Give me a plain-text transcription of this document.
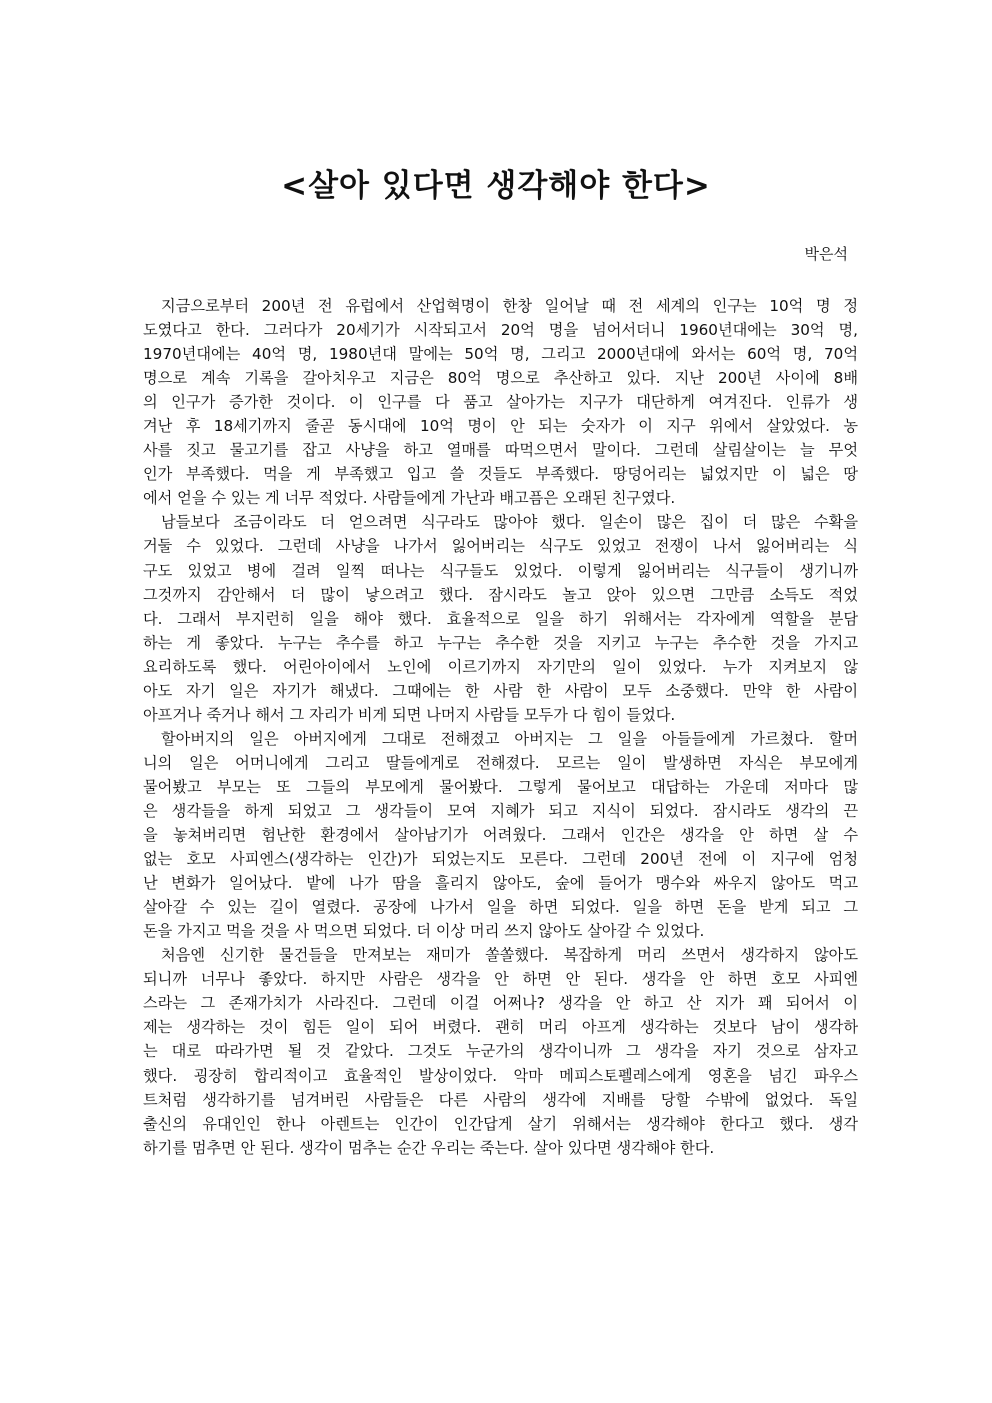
<살아 있다면 생각해야 한다>
박은석
지금으로부터 200년 전 유럽에서 산업혁명이 한창 일어날 때 전 세계의 인구는 10억 명 정
도였다고 한다. 그러다가 20세기가 시작되고서 20억 명을 넘어서더니 1960년대에는 30억 명,
1970년대에는 40억 명, 1980년대 말에는 50억 명, 그리고 2000년대에 와서는 60억 명, 70억
명으로 계속 기록을 갈아치우고 지금은 80억 명으로 추산하고 있다. 지난 200년 사이에 8배
의 인구가 증가한 것이다. 이 인구를 다 품고 살아가는 지구가 대단하게 여겨진다. 인류가 생
겨난 후 18세기까지 줄곧 동시대에 10억 명이 안 되는 숫자가 이 지구 위에서 살았었다. 농
사를 짓고 물고기를 잡고 사냥을 하고 열매를 따먹으면서 말이다. 그런데 살림살이는 늘 무엇
인가 부족했다. 먹을 게 부족했고 입고 쓸 것들도 부족했다. 땅덩어리는 넓었지만 이 넓은 땅
에서 얻을 수 있는 게 너무 적었다. 사람들에게 가난과 배고픔은 오래된 친구였다.
남들보다 조금이라도 더 얻으려면 식구라도 많아야 했다. 일손이 많은 집이 더 많은 수확을
거둘 수 있었다. 그런데 사냥을 나가서 잃어버리는 식구도 있었고 전쟁이 나서 잃어버리는 식
구도 있었고 병에 걸려 일찍 떠나는 식구들도 있었다. 이렇게 잃어버리는 식구들이 생기니까
그것까지 감안해서 더 많이 낳으려고 했다. 잠시라도 놀고 앉아 있으면 그만큼 소득도 적었
다. 그래서 부지런히 일을 해야 했다. 효율적으로 일을 하기 위해서는 각자에게 역할을 분담
하는 게 좋았다. 누구는 추수를 하고 누구는 추수한 것을 지키고 누구는 추수한 것을 가지고
요리하도록 했다. 어린아이에서 노인에 이르기까지 자기만의 일이 있었다. 누가 지켜보지 않
아도 자기 일은 자기가 해냈다. 그때에는 한 사람 한 사람이 모두 소중했다. 만약 한 사람이
아프거나 죽거나 해서 그 자리가 비게 되면 나머지 사람들 모두가 다 힘이 들었다.
할아버지의 일은 아버지에게 그대로 전해졌고 아버지는 그 일을 아들들에게 가르쳤다. 할머
니의 일은 어머니에게 그리고 딸들에게로 전해졌다. 모르는 일이 발생하면 자식은 부모에게
물어봤고 부모는 또 그들의 부모에게 물어봤다. 그렇게 물어보고 대답하는 가운데 저마다 많
은 생각들을 하게 되었고 그 생각들이 모여 지혜가 되고 지식이 되었다. 잠시라도 생각의 끈
을 놓쳐버리면 험난한 환경에서 살아남기가 어려웠다. 그래서 인간은 생각을 안 하면 살 수
없는 호모 사피엔스(생각하는 인간)가 되었는지도 모른다. 그런데 200년 전에 이 지구에 엄청
난 변화가 일어났다. 밭에 나가 땀을 흘리지 않아도, 숲에 들어가 맹수와 싸우지 않아도 먹고
살아갈 수 있는 길이 열렸다. 공장에 나가서 일을 하면 되었다. 일을 하면 돈을 받게 되고 그
돈을 가지고 먹을 것을 사 먹으면 되었다. 더 이상 머리 쓰지 않아도 살아갈 수 있었다.
처음엔 신기한 물건들을 만져보는 재미가 쏠쏠했다. 복잡하게 머리 쓰면서 생각하지 않아도
되니까 너무나 좋았다. 하지만 사람은 생각을 안 하면 안 된다. 생각을 안 하면 호모 사피엔
스라는 그 존재가치가 사라진다. 그런데 이걸 어쩌나? 생각을 안 하고 산 지가 꽤 되어서 이
제는 생각하는 것이 힘든 일이 되어 버렸다. 괜히 머리 아프게 생각하는 것보다 남이 생각하
는 대로 따라가면 될 것 같았다. 그것도 누군가의 생각이니까 그 생각을 자기 것으로 삼자고
했다. 굉장히 합리적이고 효율적인 발상이었다. 악마 메피스토펠레스에게 영혼을 넘긴 파우스
트처럼 생각하기를 넘겨버린 사람들은 다른 사람의 생각에 지배를 당할 수밖에 없었다. 독일
출신의 유대인인 한나 아렌트는 인간이 인간답게 살기 위해서는 생각해야 한다고 했다. 생각
하기를 멈추면 안 된다. 생각이 멈추는 순간 우리는 죽는다. 살아 있다면 생각해야 한다.
